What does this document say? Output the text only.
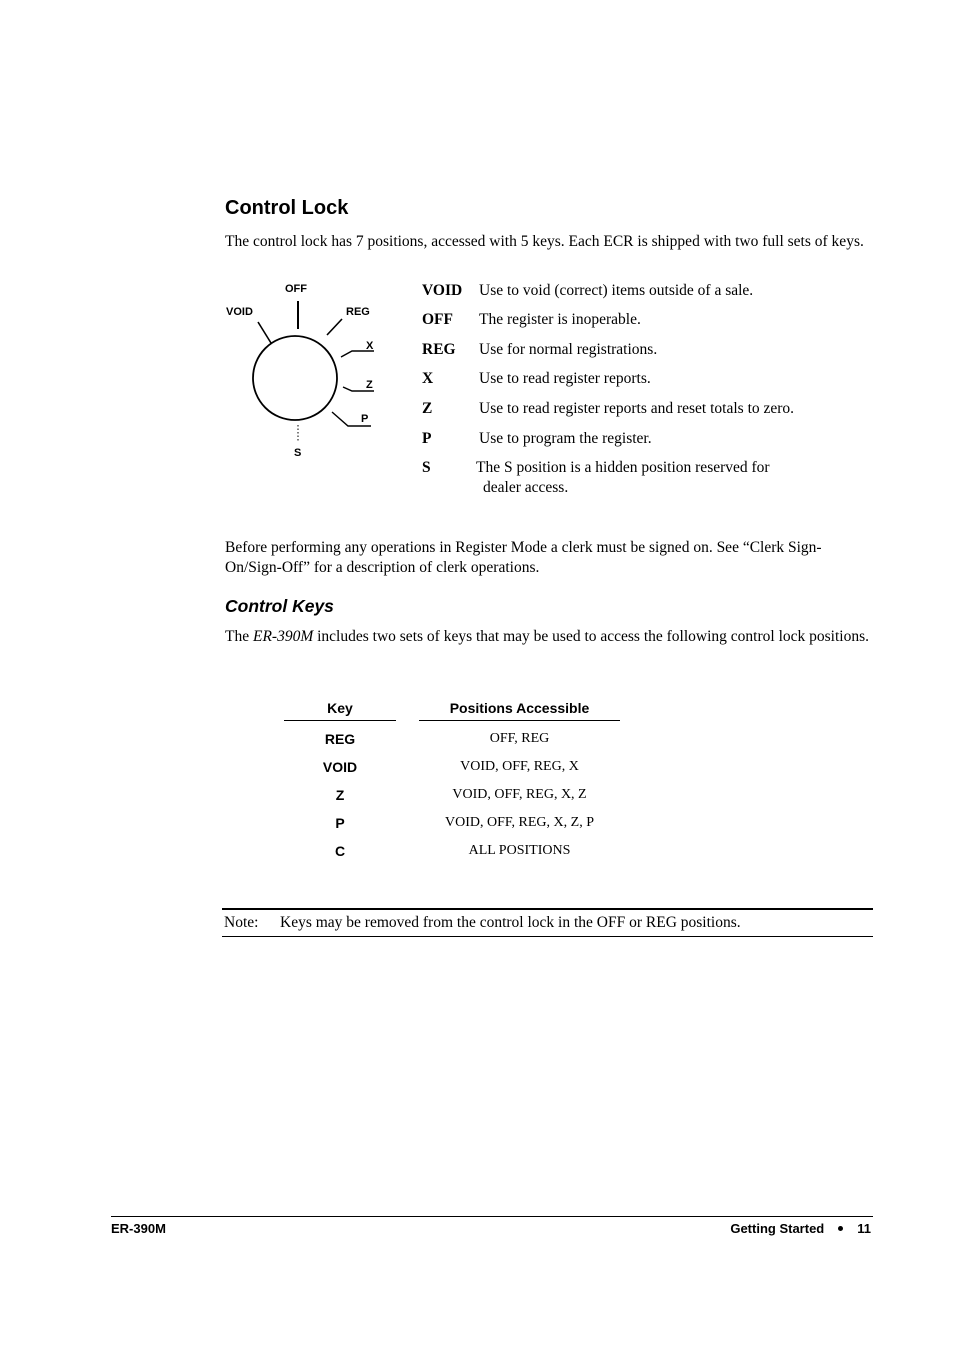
Control Lock
The control lock has 7 positions, accessed with 5 keys. Each ECR is shipped with two full sets of keys.
OFF
VOID	REG
X
Z
P
S
VOID	Use to void (correct) items outside of a sale.
OFF	The register is inoperable.
REG	Use for normal registrations.
X	Use to read register reports.
Z	Use to read register reports and reset totals to zero.
P	Use to program the register.
S	The S position is a hidden position reserved for
dealer access.
Before performing any operations in Register Mode a clerk must be signed on. See “Clerk Sign-On/Sign-Off” for a description of clerk operations.
Control Keys
The ER-390M includes two sets of keys that may be used to access the following control lock positions.
Key	Positions Accessible
REG	OFF, REG
VOID	VOID, OFF, REG, X
Z	VOID, OFF, REG, X, Z
P	VOID, OFF, REG, X, Z, P
C	ALL POSITIONS
Note: Keys may be removed from the control lock in the OFF or REG positions.
ER-390M	Getting Started	11
